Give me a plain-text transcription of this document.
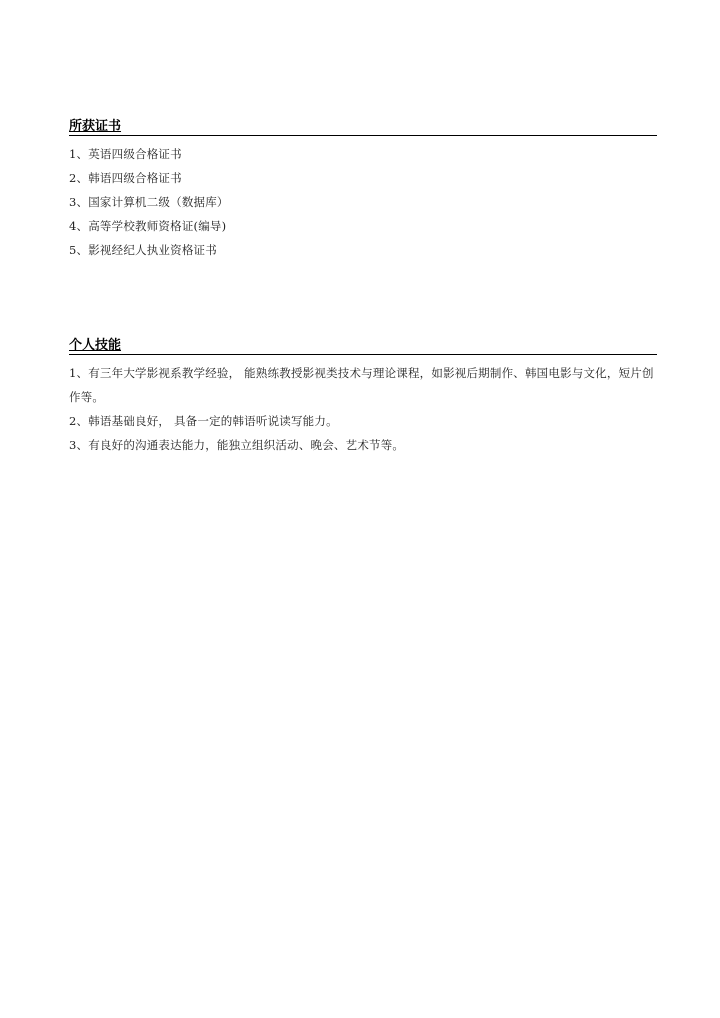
所获证书
1、英语四级合格证书
2、韩语四级合格证书
3、国家计算机二级（数据库）
4、高等学校教师资格证(编导)
5、影视经纪人执业资格证书
个人技能
1、有三年大学影视系教学经验， 能熟练教授影视类技术与理论课程，如影视后期制作、韩国电影与文化，短片创作等。
2、韩语基础良好， 具备一定的韩语听说读写能力。
3、有良好的沟通表达能力，能独立组织活动、晚会、艺术节等。
